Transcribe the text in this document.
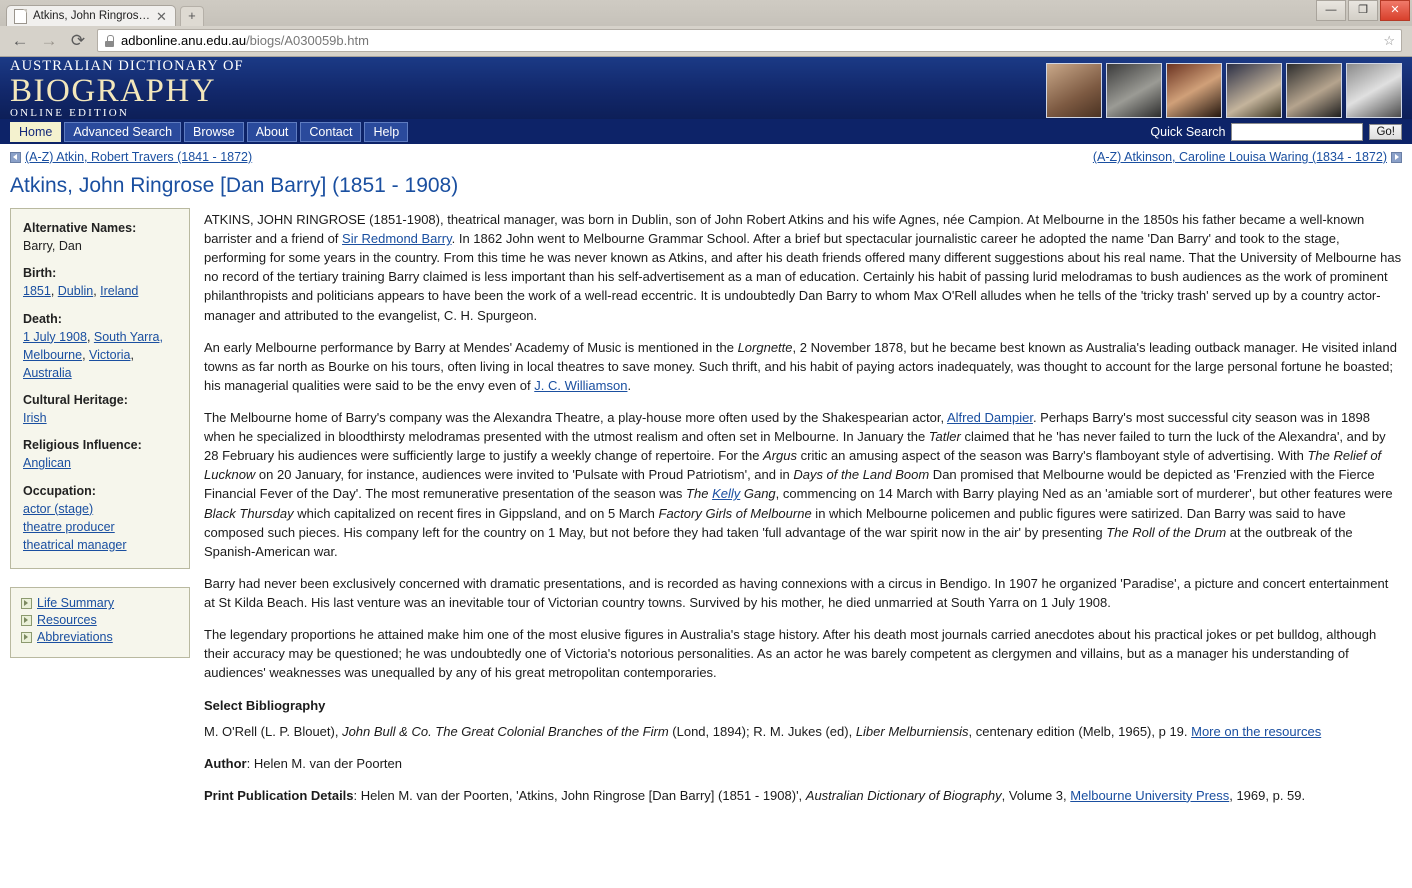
Atkins, John Ringros… ✕	+	—	❐	✕
← → ⟳	adbonline.anu.edu.au /biogs/A030059b.htm	☆
AUSTRALIAN DICTIONARY OF
BIOGRAPHY
ONLINE EDITION
Home	Advanced Search	Browse	About	Contact	Help	Quick Search	Go!
(A-Z) Atkin, Robert Travers (1841 - 1872)	(A-Z) Atkinson, Caroline Louisa Waring (1834 - 1872)
Atkins, John Ringrose [Dan Barry] (1851 - 1908)
Alternative Names:
Barry, Dan
Birth:
1851, Dublin, Ireland
Death:
1 July 1908, South Yarra, Melbourne, Victoria, Australia
Cultural Heritage:
Irish
Religious Influence:
Anglican
Occupation:
actor (stage)
theatre producer
theatrical manager
Life Summary
Resources
Abbreviations

ATKINS, JOHN RINGROSE (1851-1908), theatrical manager, was born in Dublin, son of John Robert Atkins and his wife Agnes, née Campion. At Melbourne in the 1850s his father became a well-known barrister and a friend of Sir Redmond Barry. In 1862 John went to Melbourne Grammar School. After a brief but spectacular journalistic career he adopted the name 'Dan Barry' and took to the stage, performing for some years in the country. From this time he was never known as Atkins, and after his death friends offered many different suggestions about his real name. That the University of Melbourne has no record of the tertiary training Barry claimed is less important than his self-advertisement as a man of education. Certainly his habit of passing lurid melodramas to bush audiences as the work of prominent philanthropists and politicians appears to have been the work of a well-read eccentric. It is undoubtedly Dan Barry to whom Max O'Rell alludes when he tells of the 'tricky trash' served up by a country actor-manager and attributed to the evangelist, C. H. Spurgeon.

An early Melbourne performance by Barry at Mendes' Academy of Music is mentioned in the Lorgnette, 2 November 1878, but he became best known as Australia's leading outback manager. He visited inland towns as far north as Bourke on his tours, often living in local theatres to save money. Such thrift, and his habit of paying actors inadequately, was thought to account for the large personal fortune he boasted; his managerial qualities were said to be the envy even of J. C. Williamson.

The Melbourne home of Barry's company was the Alexandra Theatre, a play-house more often used by the Shakespearian actor, Alfred Dampier. Perhaps Barry's most successful city season was in 1898 when he specialized in bloodthirsty melodramas presented with the utmost realism and often set in Melbourne. In January the Tatler claimed that he 'has never failed to turn the luck of the Alexandra', and by 28 February his audiences were sufficiently large to justify a weekly change of repertoire. For the Argus critic an amusing aspect of the season was Barry's flamboyant style of advertising. With The Relief of Lucknow on 20 January, for instance, audiences were invited to 'Pulsate with Proud Patriotism', and in Days of the Land Boom Dan promised that Melbourne would be depicted as 'Frenzied with the Fierce Financial Fever of the Day'. The most remunerative presentation of the season was The Kelly Gang, commencing on 14 March with Barry playing Ned as an 'amiable sort of murderer', but other features were Black Thursday which capitalized on recent fires in Gippsland, and on 5 March Factory Girls of Melbourne in which Melbourne policemen and public figures were satirized. Dan Barry was said to have composed such pieces. His company left for the country on 1 May, but not before they had taken 'full advantage of the war spirit now in the air' by presenting The Roll of the Drum at the outbreak of the Spanish-American war.

Barry had never been exclusively concerned with dramatic presentations, and is recorded as having connexions with a circus in Bendigo. In 1907 he organized 'Paradise', a picture and concert entertainment at St Kilda Beach. His last venture was an inevitable tour of Victorian country towns. Survived by his mother, he died unmarried at South Yarra on 1 July 1908.

The legendary proportions he attained make him one of the most elusive figures in Australia's stage history. After his death most journals carried anecdotes about his practical jokes or pet bulldog, although their accuracy may be questioned; he was undoubtedly one of Victoria's notorious personalities. As an actor he was barely competent as clergymen and villains, but as a manager his understanding of audiences' weaknesses was unequalled by any of his great metropolitan contemporaries.

Select Bibliography

M. O'Rell (L. P. Blouet), John Bull & Co. The Great Colonial Branches of the Firm (Lond, 1894); R. M. Jukes (ed), Liber Melburniensis, centenary edition (Melb, 1965), p 19. More on the resources

Author: Helen M. van der Poorten

Print Publication Details: Helen M. van der Poorten, 'Atkins, John Ringrose [Dan Barry] (1851 - 1908)', Australian Dictionary of Biography, Volume 3, Melbourne University Press, 1969, p. 59.
